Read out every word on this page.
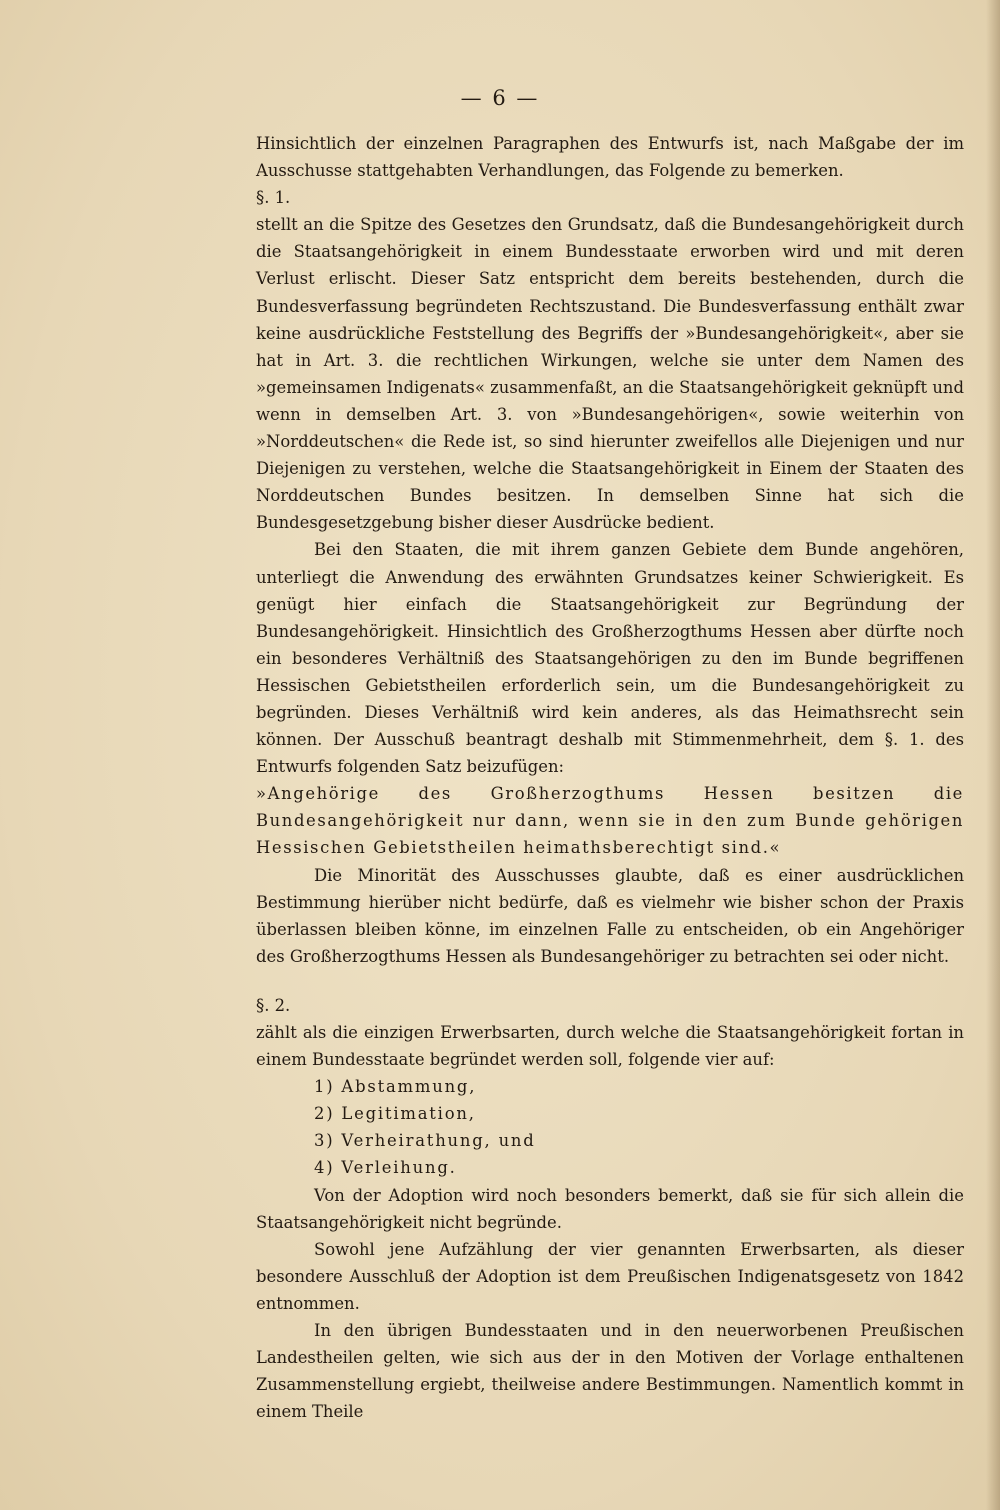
— 6 —

Hinsichtlich der einzelnen Paragraphen des Entwurfs ist, nach Maßgabe der im Ausschusse stattgehabten Verhandlungen, das Folgende zu bemerken.

§. 1.

stellt an die Spitze des Gesetzes den Grundsatz, daß die Bundesangehörigkeit durch die Staatsangehörigkeit in einem Bundesstaate erworben wird und mit deren Verlust erlischt. Dieser Satz entspricht dem bereits bestehenden, durch die Bundesverfassung begründeten Rechtszustand. Die Bundesverfassung enthält zwar keine ausdrückliche Feststellung des Begriffs der »Bundesangehörigkeit«, aber sie hat in Art. 3. die rechtlichen Wirkungen, welche sie unter dem Namen des »gemeinsamen Indigenats« zusammenfaßt, an die Staatsangehörigkeit geknüpft und wenn in demselben Art. 3. von »Bundesangehörigen«, sowie weiterhin von »Norddeutschen« die Rede ist, so sind hierunter zweifellos alle Diejenigen und nur Diejenigen zu verstehen, welche die Staatsangehörigkeit in Einem der Staaten des Norddeutschen Bundes besitzen. In demselben Sinne hat sich die Bundesgesetzgebung bisher dieser Ausdrücke bedient.

Bei den Staaten, die mit ihrem ganzen Gebiete dem Bunde angehören, unterliegt die Anwendung des erwähnten Grundsatzes keiner Schwierigkeit. Es genügt hier einfach die Staatsangehörigkeit zur Begründung der Bundesangehörigkeit. Hinsichtlich des Großherzogthums Hessen aber dürfte noch ein besonderes Verhältniß des Staatsangehörigen zu den im Bunde begriffenen Hessischen Gebietstheilen erforderlich sein, um die Bundesangehörigkeit zu begründen. Dieses Verhältniß wird kein anderes, als das Heimathsrecht sein können. Der Ausschuß beantragt deshalb mit Stimmenmehrheit, dem §. 1. des Entwurfs folgenden Satz beizufügen:

»Angehörige des Großherzogthums Hessen besitzen die Bundesangehörigkeit nur dann, wenn sie in den zum Bunde gehörigen Hessischen Gebietstheilen heimathsberechtigt sind.«

Die Minorität des Ausschusses glaubte, daß es einer ausdrücklichen Bestimmung hierüber nicht bedürfe, daß es vielmehr wie bisher schon der Praxis überlassen bleiben könne, im einzelnen Falle zu entscheiden, ob ein Angehöriger des Großherzogthums Hessen als Bundesangehöriger zu betrachten sei oder nicht.

§. 2.

zählt als die einzigen Erwerbsarten, durch welche die Staatsangehörigkeit fortan in einem Bundesstaate begründet werden soll, folgende vier auf:

1) Abstammung,
2) Legitimation,
3) Verheirathung, und
4) Verleihung.

Von der Adoption wird noch besonders bemerkt, daß sie für sich allein die Staatsangehörigkeit nicht begründe.

Sowohl jene Aufzählung der vier genannten Erwerbsarten, als dieser besondere Ausschluß der Adoption ist dem Preußischen Indigenatsgesetz von 1842 entnommen.

In den übrigen Bundesstaaten und in den neuerworbenen Preußischen Landestheilen gelten, wie sich aus der in den Motiven der Vorlage enthaltenen Zusammenstellung ergiebt, theilweise andere Bestimmungen. Namentlich kommt in einem Theile
